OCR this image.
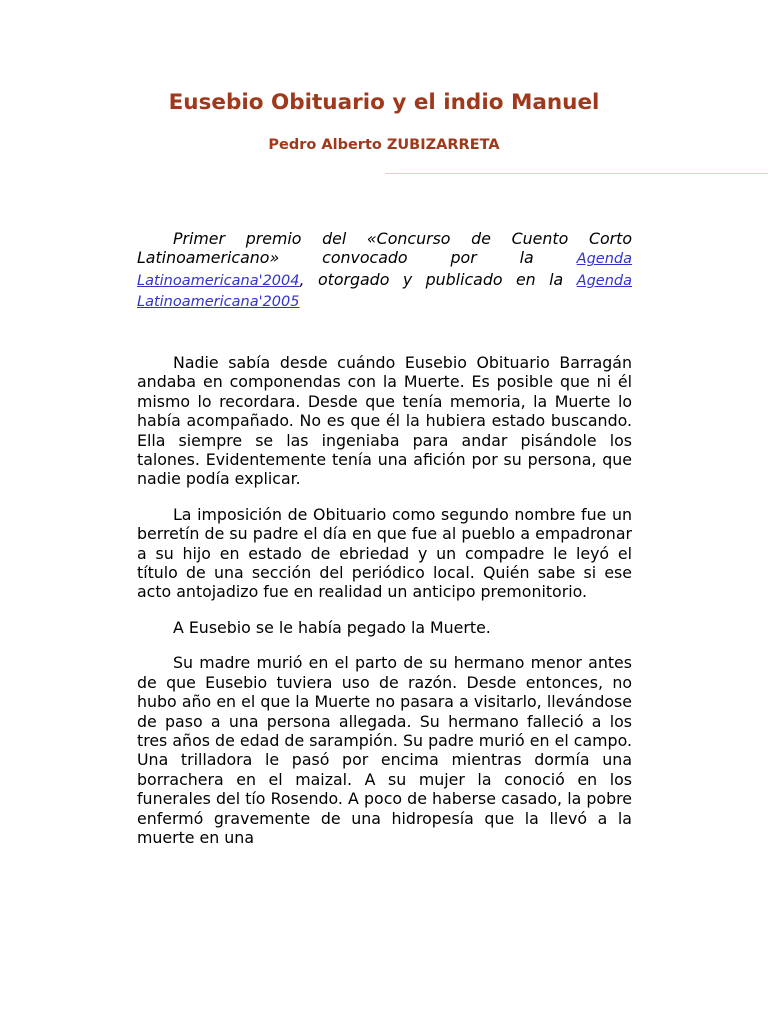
Eusebio Obituario y el indio Manuel
Pedro Alberto ZUBIZARRETA

Primer premio del «Concurso de Cuento Corto Latinoamericano» convocado por la Agenda Latinoamericana'2004, otorgado y publicado en la Agenda Latinoamericana'2005

Nadie sabía desde cuándo Eusebio Obituario Barragán andaba en componendas con la Muerte. Es posible que ni él mismo lo recordara. Desde que tenía memoria, la Muerte lo había acompañado. No es que él la hubiera estado buscando. Ella siempre se las ingeniaba para andar pisándole los talones. Evidentemente tenía una afición por su persona, que nadie podía explicar.

La imposición de Obituario como segundo nombre fue un berretín de su padre el día en que fue al pueblo a empadronar a su hijo en estado de ebriedad y un compadre le leyó el título de una sección del periódico local. Quién sabe si ese acto antojadizo fue en realidad un anticipo premonitorio.

A Eusebio se le había pegado la Muerte.

Su madre murió en el parto de su hermano menor antes de que Eusebio tuviera uso de razón. Desde entonces, no hubo año en el que la Muerte no pasara a visitarlo, llevándose de paso a una persona allegada. Su hermano falleció a los tres años de edad de sarampión. Su padre murió en el campo. Una trilladora le pasó por encima mientras dormía una borrachera en el maizal. A su mujer la conoció en los funerales del tío Rosendo. A poco de haberse casado, la pobre enfermó gravemente de una hidropesía que la llevó a la muerte en una
